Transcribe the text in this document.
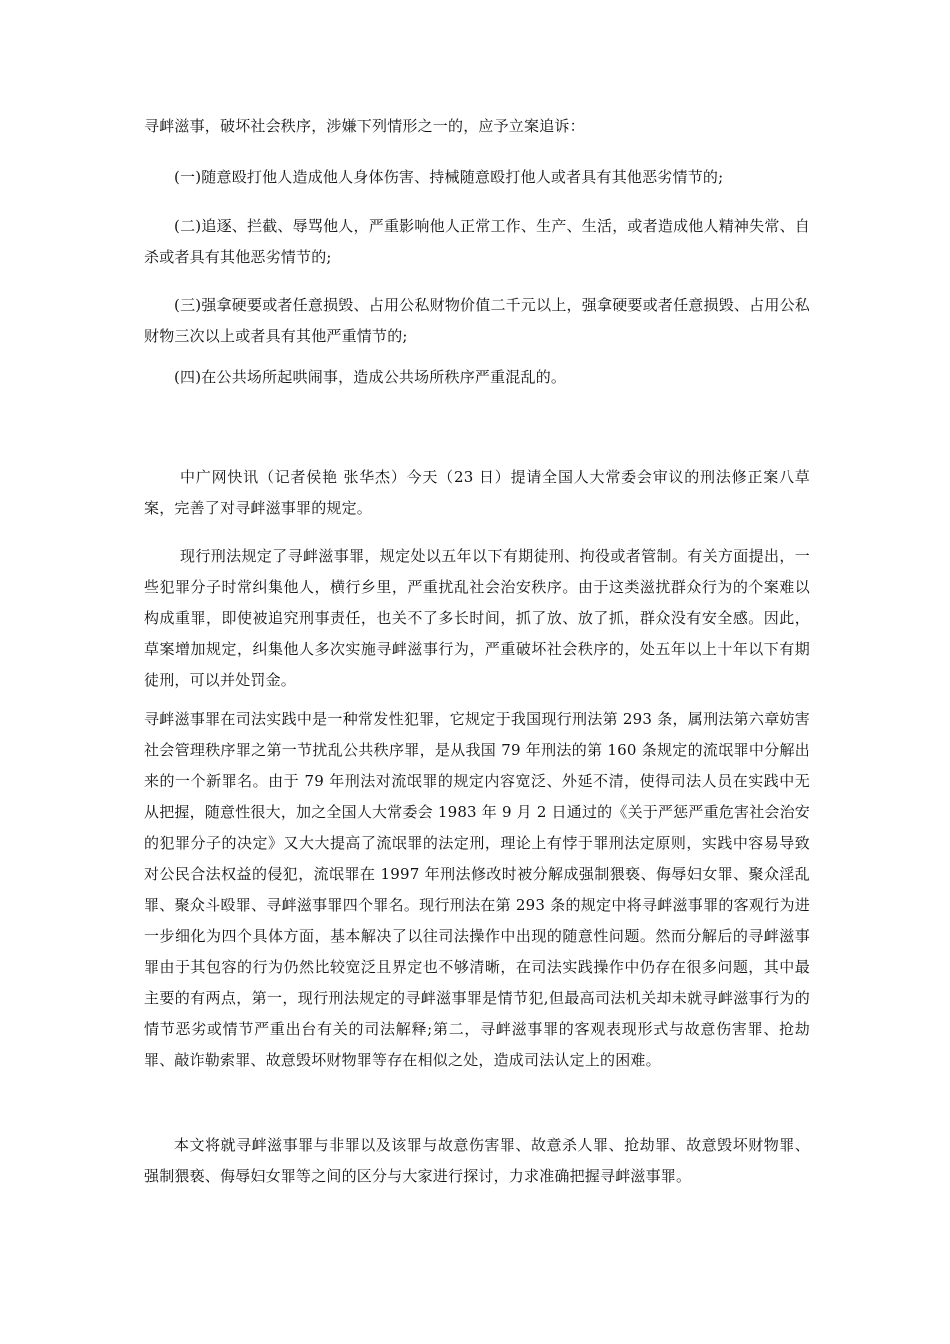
寻衅滋事，破坏社会秩序，涉嫌下列情形之一的，应予立案追诉：

(一)随意殴打他人造成他人身体伤害、持械随意殴打他人或者具有其他恶劣情节的;

(二)追逐、拦截、辱骂他人，严重影响他人正常工作、生产、生活，或者造成他人精神失常、自杀或者具有其他恶劣情节的;

(三)强拿硬要或者任意损毁、占用公私财物价值二千元以上，强拿硬要或者任意损毁、占用公私财物三次以上或者具有其他严重情节的;

(四)在公共场所起哄闹事，造成公共场所秩序严重混乱的。

中广网快讯（记者侯艳 张华杰）今天（23 日）提请全国人大常委会审议的刑法修正案八草案，完善了对寻衅滋事罪的规定。

现行刑法规定了寻衅滋事罪，规定处以五年以下有期徒刑、拘役或者管制。有关方面提出，一些犯罪分子时常纠集他人，横行乡里，严重扰乱社会治安秩序。由于这类滋扰群众行为的个案难以构成重罪，即使被追究刑事责任，也关不了多长时间，抓了放、放了抓，群众没有安全感。因此，草案增加规定，纠集他人多次实施寻衅滋事行为，严重破坏社会秩序的，处五年以上十年以下有期徒刑，可以并处罚金。

寻衅滋事罪在司法实践中是一种常发性犯罪，它规定于我国现行刑法第 293 条，属刑法第六章妨害社会管理秩序罪之第一节扰乱公共秩序罪，是从我国 79 年刑法的第 160 条规定的流氓罪中分解出来的一个新罪名。由于 79 年刑法对流氓罪的规定内容宽泛、外延不清，使得司法人员在实践中无从把握，随意性很大，加之全国人大常委会 1983 年 9 月 2 日通过的《关于严惩严重危害社会治安的犯罪分子的决定》又大大提高了流氓罪的法定刑，理论上有悖于罪刑法定原则，实践中容易导致对公民合法权益的侵犯，流氓罪在 1997 年刑法修改时被分解成强制猥亵、侮辱妇女罪、聚众淫乱罪、聚众斗殴罪、寻衅滋事罪四个罪名。现行刑法在第 293 条的规定中将寻衅滋事罪的客观行为进一步细化为四个具体方面，基本解决了以往司法操作中出现的随意性问题。然而分解后的寻衅滋事罪由于其包容的行为仍然比较宽泛且界定也不够清晰，在司法实践操作中仍存在很多问题，其中最主要的有两点，第一，现行刑法规定的寻衅滋事罪是情节犯,但最高司法机关却未就寻衅滋事行为的情节恶劣或情节严重出台有关的司法解释;第二，寻衅滋事罪的客观表现形式与故意伤害罪、抢劫罪、敲诈勒索罪、故意毁坏财物罪等存在相似之处，造成司法认定上的困难。

本文将就寻衅滋事罪与非罪以及该罪与故意伤害罪、故意杀人罪、抢劫罪、故意毁坏财物罪、强制猥亵、侮辱妇女罪等之间的区分与大家进行探讨，力求准确把握寻衅滋事罪。
